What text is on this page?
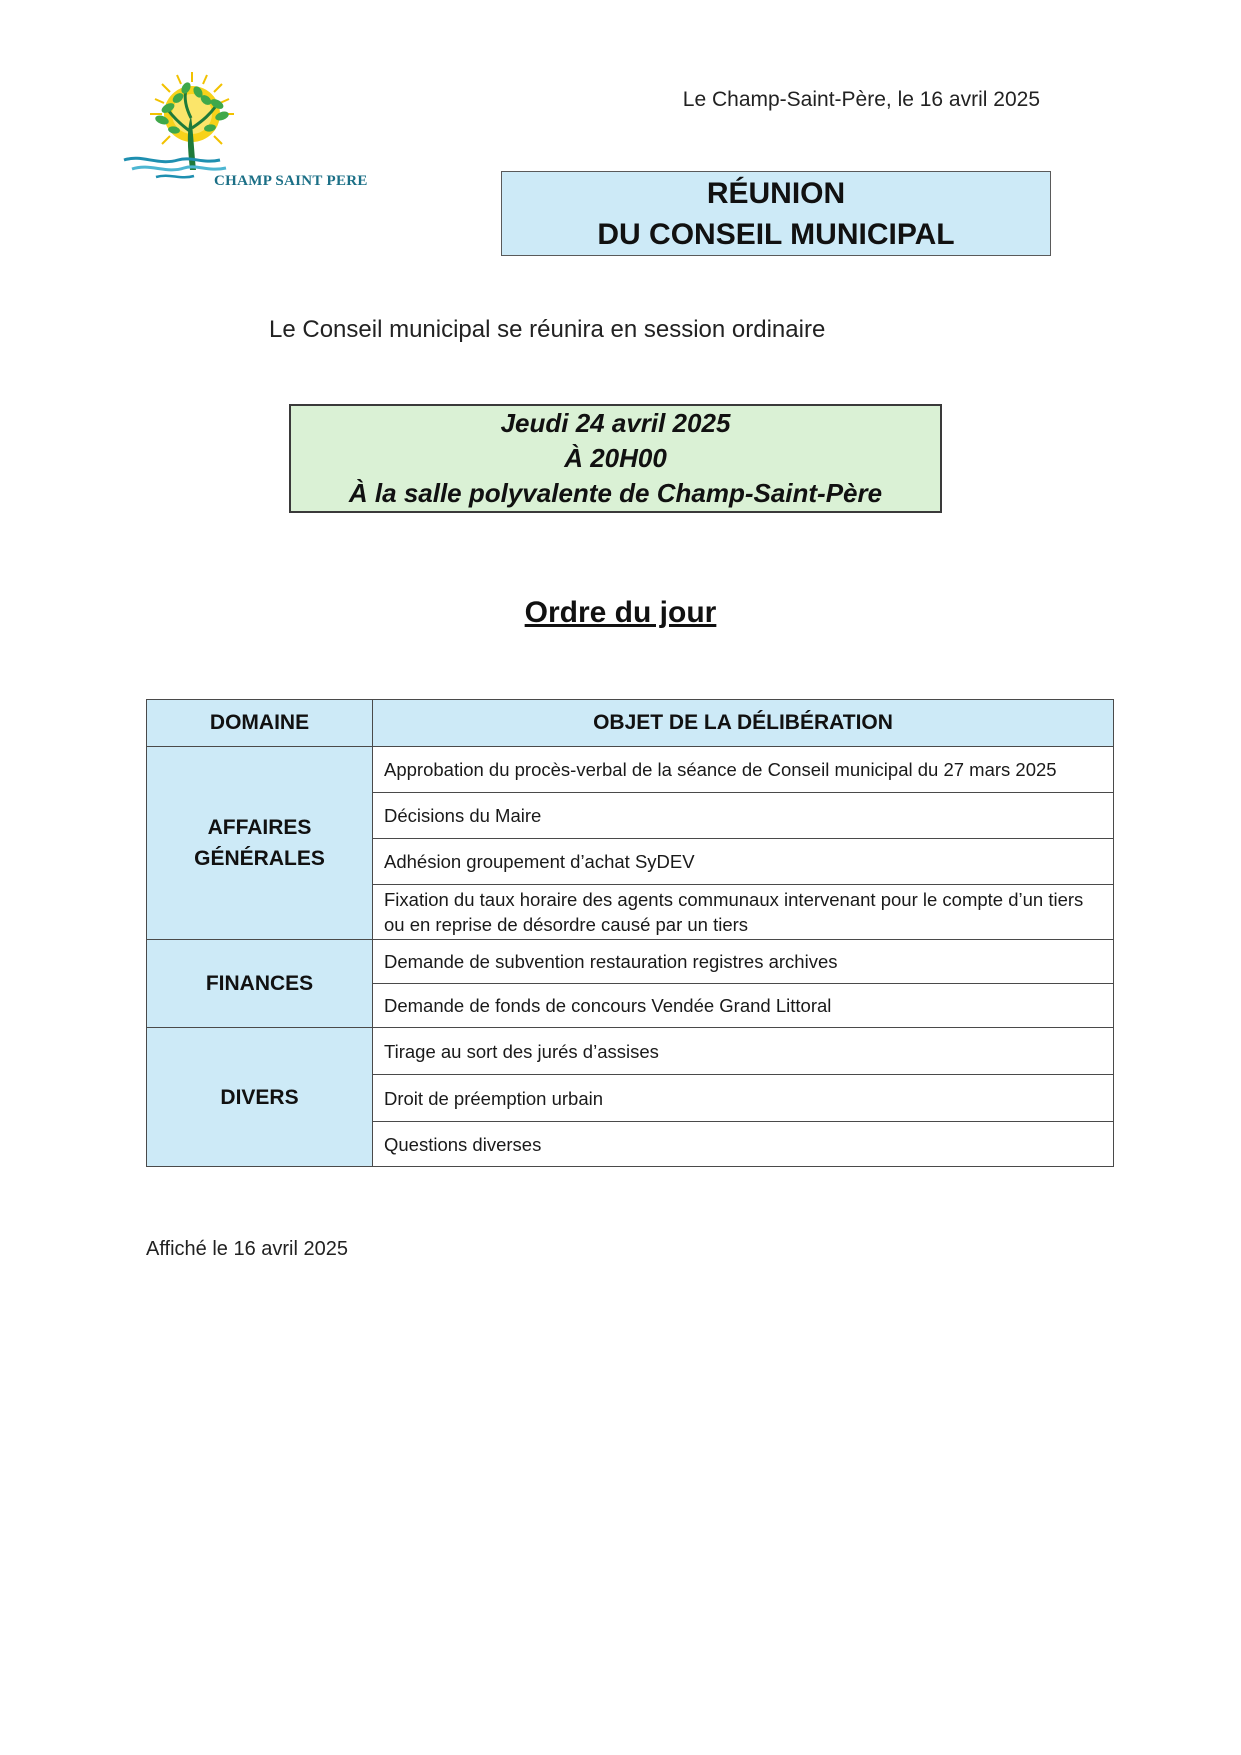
CHAMP SAINT PERE
Le Champ-Saint-Père, le 16 avril 2025
RÉUNION
DU CONSEIL MUNICIPAL
Le Conseil municipal se réunira en session ordinaire
Jeudi 24 avril 2025
À 20H00
À la salle polyvalente de Champ-Saint-Père
Ordre du jour
DOMAINE	OBJET DE LA DÉLIBÉRATION
AFFAIRES
GÉNÉRALES	Approbation du procès-verbal de la séance de Conseil municipal du 27 mars 2025
	Décisions du Maire
	Adhésion groupement d’achat SyDEV
	Fixation du taux horaire des agents communaux intervenant pour le compte d’un tiers ou en reprise de désordre causé par un tiers
FINANCES	Demande de subvention restauration registres archives
	Demande de fonds de concours Vendée Grand Littoral
DIVERS	Tirage au sort des jurés d’assises
	Droit de préemption urbain
	Questions diverses
Affiché le 16 avril 2025
